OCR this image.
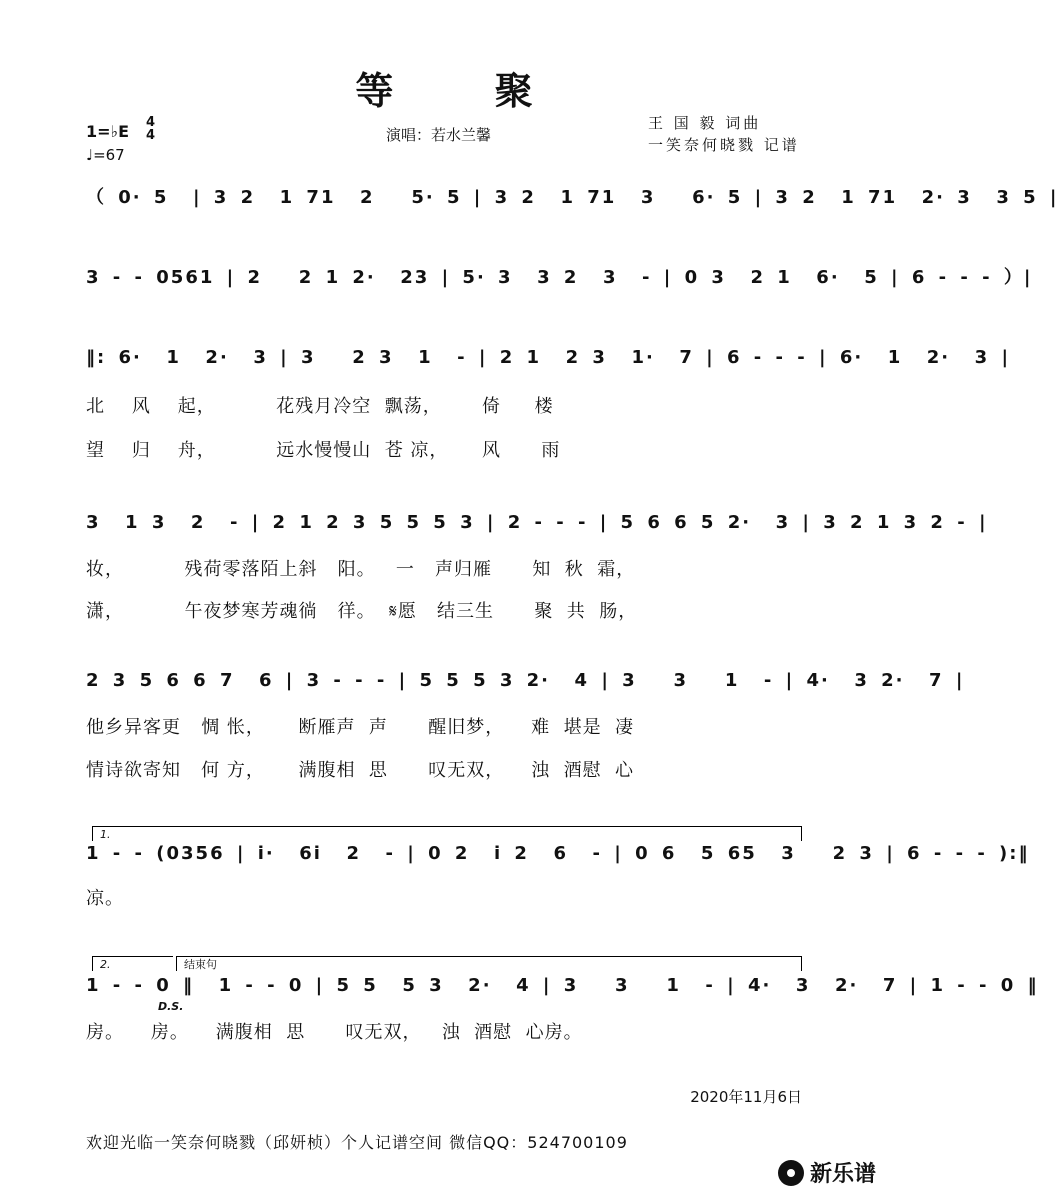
等 聚
1=♭E 4
4
♩=67
演唱：若水兰馨
王 国 毅 词曲
一笑奈何晓戮 记谱
（ 0· 5  | 3 2  1 71  2   5· 5 | 3 2  1 71  3   6· 5 | 3 2  1 71  2· 3  3 5 |
3 - - 0561 | 2   2 1 2·  23 | 5· 3  3 2  3  - | 0 3  2 1  6·  5 | 6 - - - ）|
‖: 6·  1  2·  3 | 3   2 3  1  - | 2 1  2 3  1·  7 | 6 - - - | 6·  1  2·  3 |
3  1 3  2  - | 2 1 2 3 5 5 5 3 | 2 - - - | 5 6 6 5 2·  3 | 3 2 1 3 2 - |
2 3 5 6 6 7  6 | 3 - - - | 5 5 5 3 2·  4 | 3   3   1  - | 4·  3 2·  7 |
1 - - (0356 | i·  6i  2  - | 0 2  i 2  6  - | 0 6  5 65  3   2 3 | 6 - - - ):‖
1 - - 0 ‖  1 - - 0 | 5 5  5 3  2·  4 | 3   3   1  - | 4·  3  2·  7 | 1 - - 0 ‖
北    风    起，         花残月冷空  飘荡，      倚     楼
望    归    舟，         远水慢慢山  苍 凉，     风      雨
妆，         残荷零落陌上斜   阳。   一   声归雁      知  秋  霜，
潇，         午夜梦寒芳魂徜   徉。  𝄋愿   结三生      聚  共  肠，
他乡异客更   惆 怅，     断雁声  声      醒旧梦，    难  堪是  凄
情诗欲寄知   何 方，     满腹相  思      叹无双，    浊  酒慰  心
凉。
房。    房。    满腹相  思      叹无双，   浊  酒慰  心房。
1.
2.	结束句
D.S.
2020年11月6日
欢迎光临一笑奈何晓戮（邱妍桢）个人记谱空间 微信QQ：524700109
新乐谱
